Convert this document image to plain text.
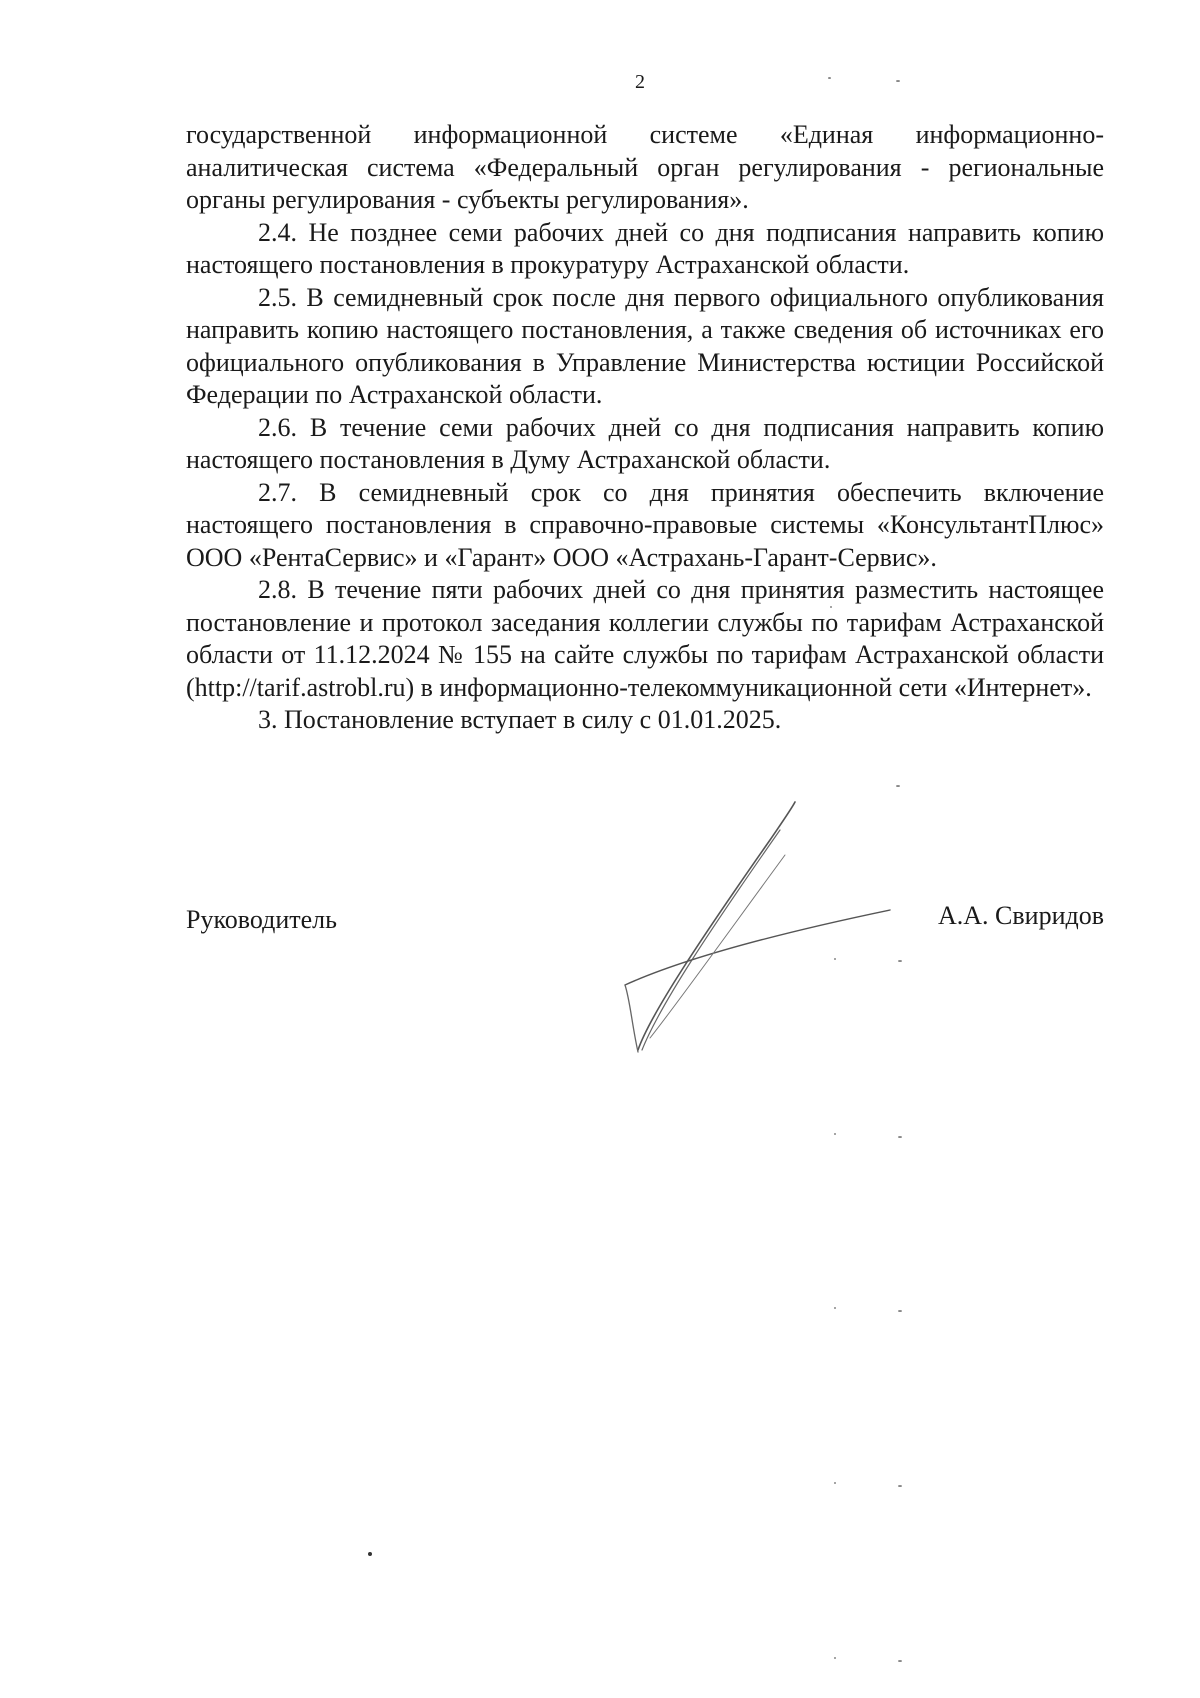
2

государственной информационной системе «Единая информационно-аналитическая система «Федеральный орган регулирования - региональные органы регулирования - субъекты регулирования».

2.4. Не позднее семи рабочих дней со дня подписания направить копию настоящего постановления в прокуратуру Астраханской области.

2.5. В семидневный срок после дня первого официального опубликования направить копию настоящего постановления, а также сведения об источниках его официального опубликования в Управление Министерства юстиции Российской Федерации по Астраханской области.

2.6. В течение семи рабочих дней со дня подписания направить копию настоящего постановления в Думу Астраханской области.

2.7. В семидневный срок со дня принятия обеспечить включение настоящего постановления в справочно-правовые системы «КонсультантПлюс» ООО «РентаСервис» и «Гарант» ООО «Астрахань-Гарант-Сервис».

2.8. В течение пяти рабочих дней со дня принятия разместить настоящее постановление и протокол заседания коллегии службы по тарифам Астраханской области от 11.12.2024 № 155 на сайте службы по тарифам Астраханской области (http://tarif.astrobl.ru) в информационно-телекоммуникационной сети «Интернет».

3. Постановление вступает в силу с 01.01.2025.

Руководитель	А.А. Свиридов
